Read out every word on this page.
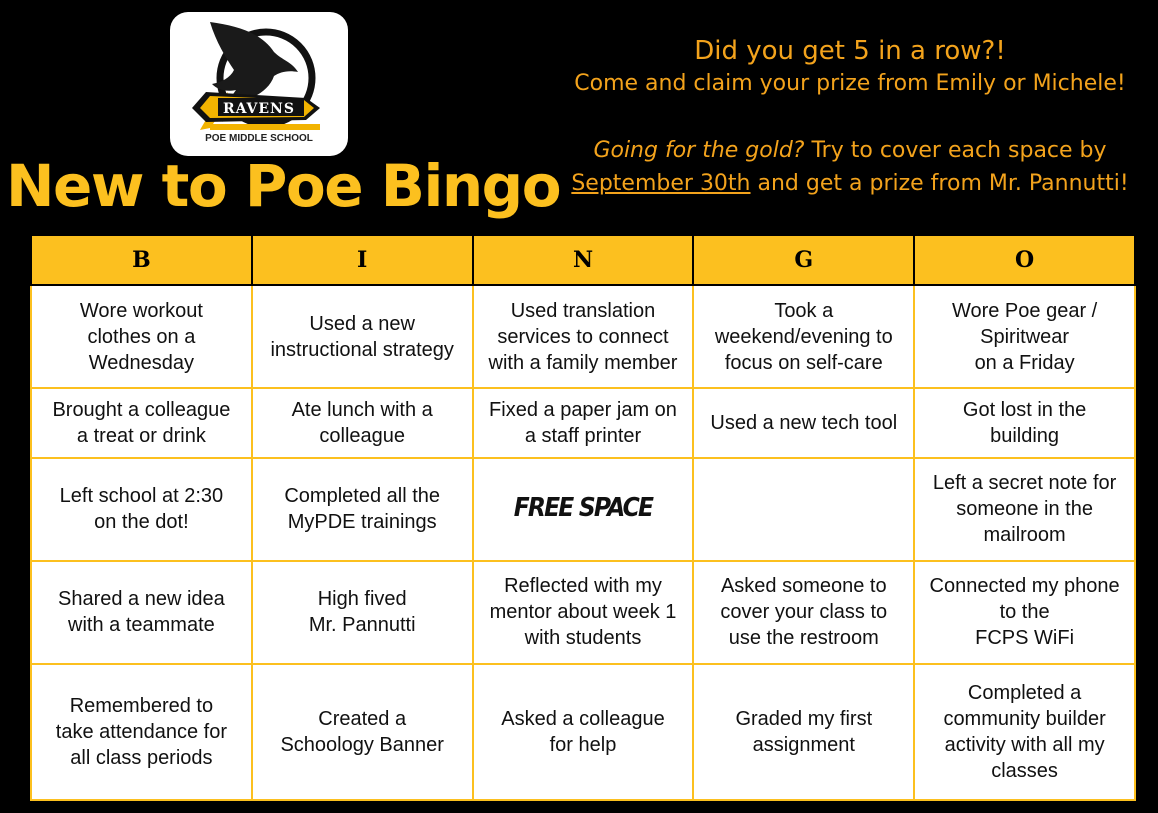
RAVENS
POE MIDDLE SCHOOL
New to Poe Bingo
Did you get 5 in a row?!
Come and claim your prize from Emily or Michele!
Going for the gold? Try to cover each space by
September 30th and get a prize from Mr. Pannutti!
B	I	N	G	O
Wore workout
clothes on a
Wednesday	Used a new
instructional strategy	Used translation
services to connect
with a family member	Took a
weekend/evening to
focus on self-care	Wore Poe gear /
Spiritwear
on a Friday
Brought a colleague
a treat or drink	Ate lunch with a
colleague	Fixed a paper jam on
a staff printer	Used a new tech tool	Got lost in the
building
Left school at 2:30
on the dot!	Completed all the
MyPDE trainings	FREE SPACE		Left a secret note for
someone in the
mailroom
Shared a new idea
with a teammate	High fived
Mr. Pannutti	Reflected with my
mentor about week 1
with students	Asked someone to
cover your class to
use the restroom	Connected my phone
to the
FCPS WiFi
Remembered to
take attendance for
all class periods	Created a
Schoology Banner	Asked a colleague
for help	Graded my first
assignment	Completed a
community builder
activity with all my
classes
